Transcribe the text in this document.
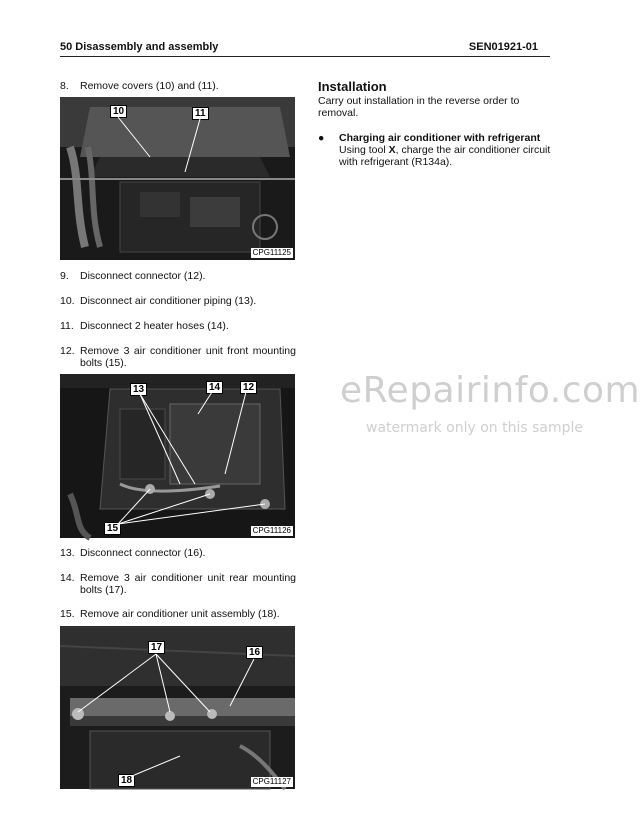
50 Disassembly and assembly	SEN01921-01
8. Remove covers (10) and (11).
10	11
CPG11125
9. Disconnect connector (12).
10. Disconnect air conditioner piping (13).
11. Disconnect 2 heater hoses (14).
12. Remove 3 air conditioner unit front mounting bolts (15).
13	14	12
15	CPG11126
13. Disconnect connector (16).
14. Remove 3 air conditioner unit rear mounting bolts (17).
15. Remove air conditioner unit assembly (18).
17	16
18	CPG11127
Installation
Carry out installation in the reverse order to removal.
● Charging air conditioner with refrigerant
Using tool X, charge the air conditioner circuit with refrigerant (R134a).
eRepairinfo.com
watermark only on this sample
